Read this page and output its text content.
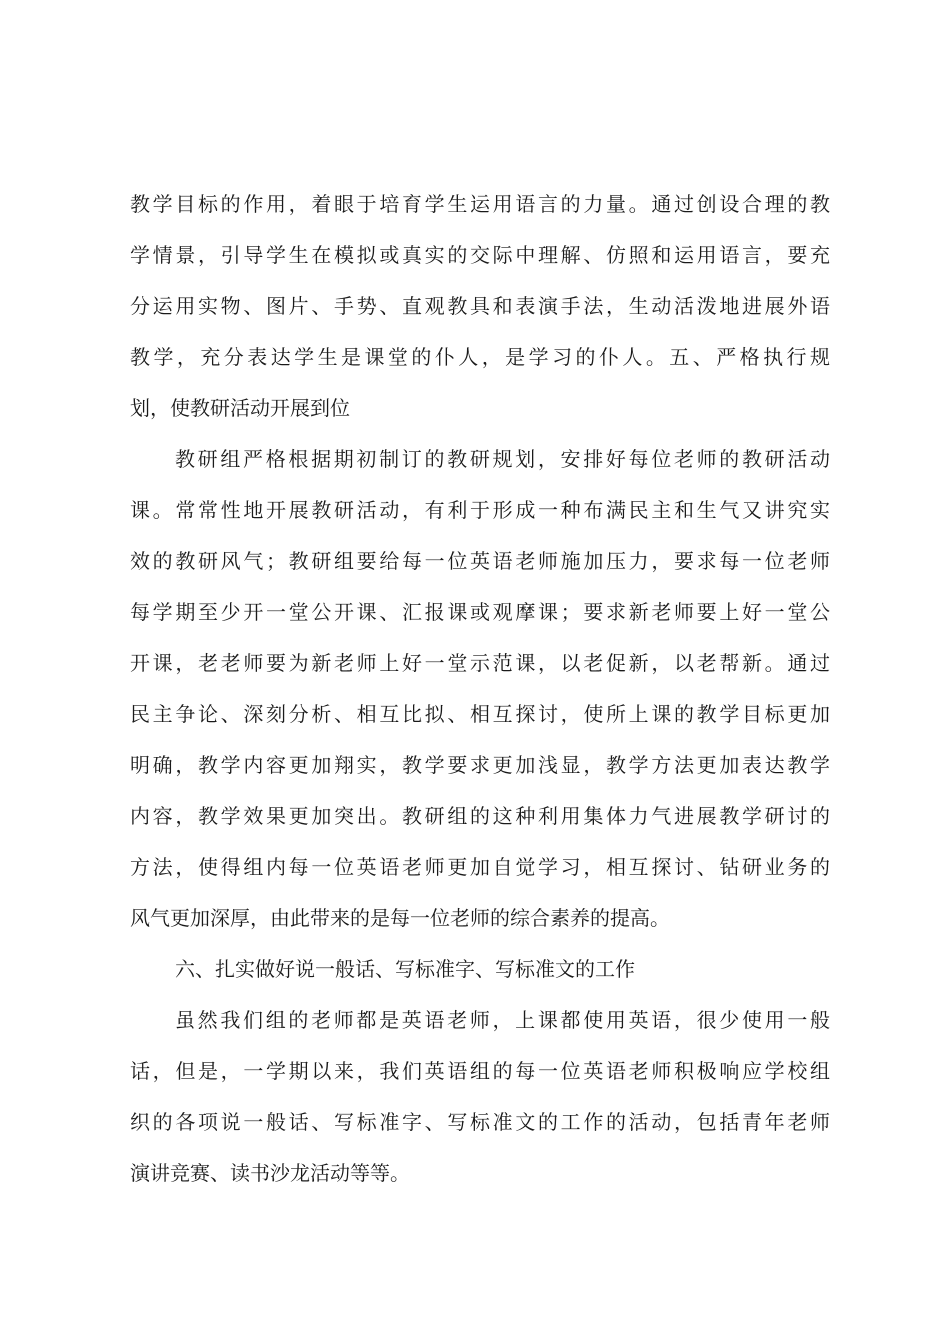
教学目标的作用，着眼于培育学生运用语言的力量。通过创设合理的教
学情景，引导学生在模拟或真实的交际中理解、仿照和运用语言，要充
分运用实物、图片、手势、直观教具和表演手法，生动活泼地进展外语
教学，充分表达学生是课堂的仆人，是学习的仆人。五、严格执行规
划，使教研活动开展到位
教研组严格根据期初制订的教研规划，安排好每位老师的教研活动
课。常常性地开展教研活动，有利于形成一种布满民主和生气又讲究实
效的教研风气；教研组要给每一位英语老师施加压力，要求每一位老师
每学期至少开一堂公开课、汇报课或观摩课；要求新老师要上好一堂公
开课，老老师要为新老师上好一堂示范课，以老促新，以老帮新。通过
民主争论、深刻分析、相互比拟、相互探讨，使所上课的教学目标更加
明确，教学内容更加翔实，教学要求更加浅显，教学方法更加表达教学
内容，教学效果更加突出。教研组的这种利用集体力气进展教学研讨的
方法，使得组内每一位英语老师更加自觉学习，相互探讨、钻研业务的
风气更加深厚，由此带来的是每一位老师的综合素养的提高。
六、扎实做好说一般话、写标准字、写标准文的工作
虽然我们组的老师都是英语老师，上课都使用英语，很少使用一般
话，但是，一学期以来，我们英语组的每一位英语老师积极响应学校组
织的各项说一般话、写标准字、写标准文的工作的活动，包括青年老师
演讲竞赛、读书沙龙活动等等。
